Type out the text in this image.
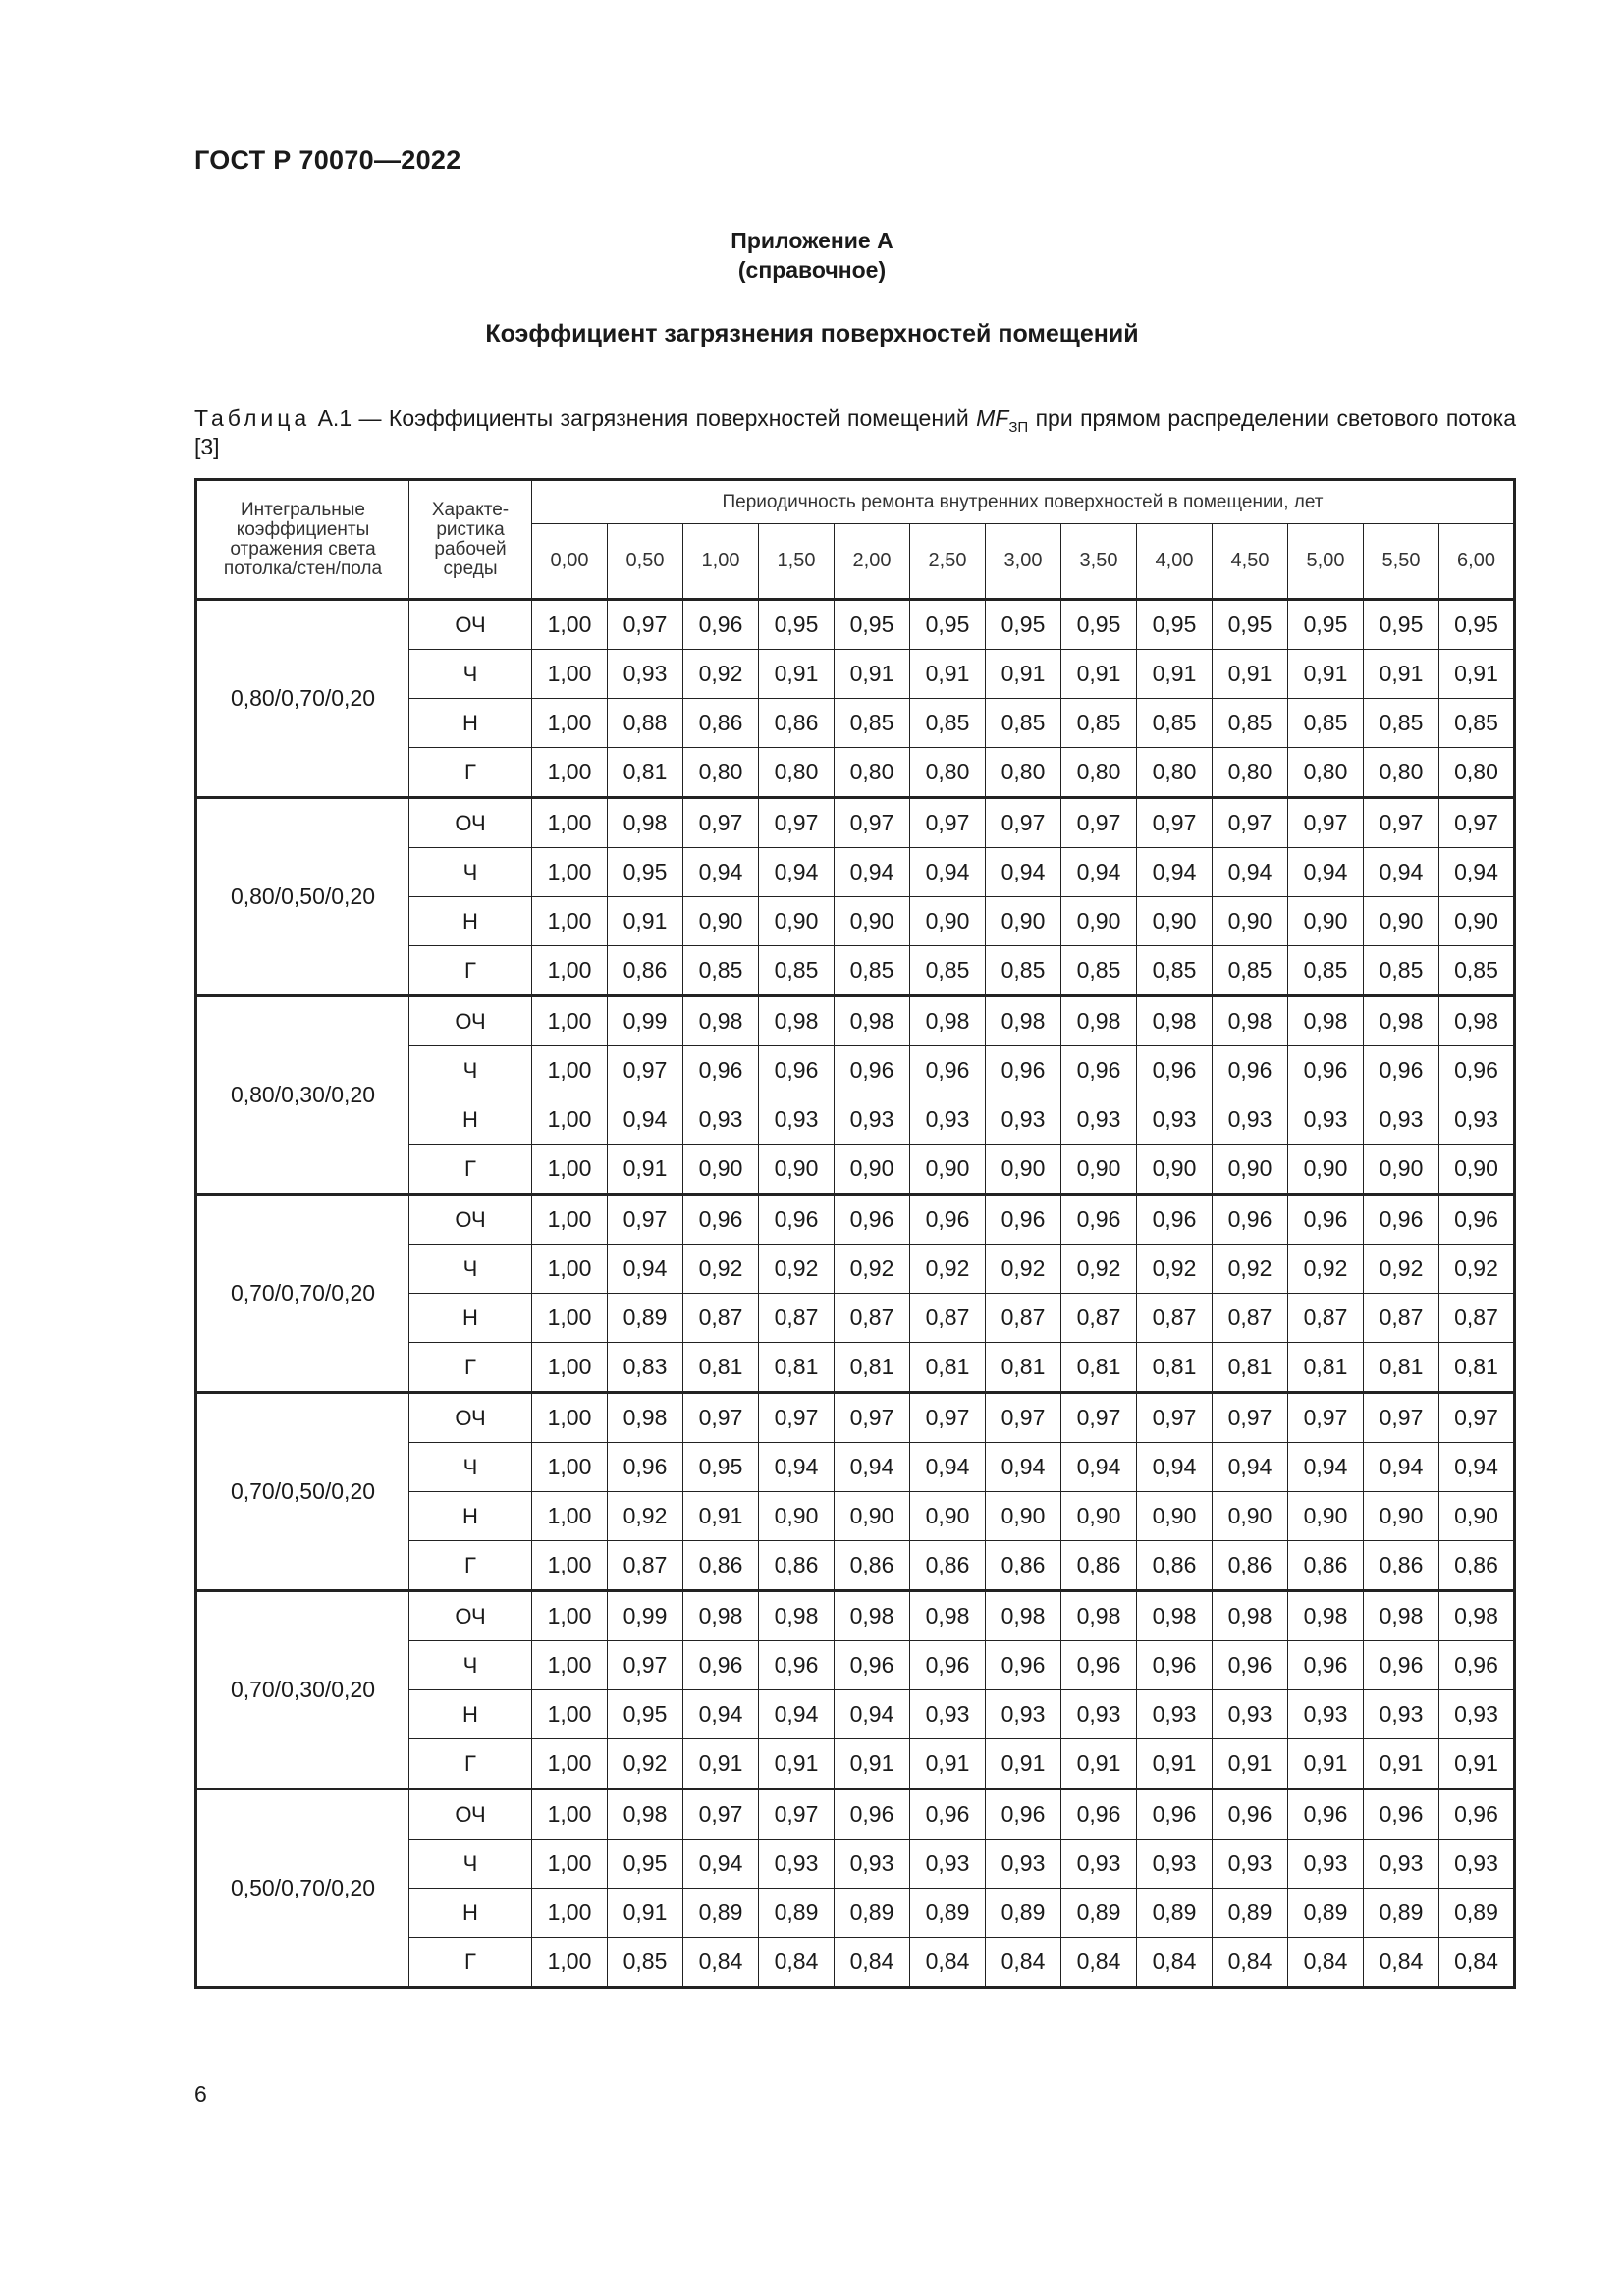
ГОСТ Р 70070—2022
Приложение А
(справочное)
Коэффициент загрязнения поверхностей помещений
Таблица А.1 — Коэффициенты загрязнения поверхностей помещений $MF_{ЗП}$ при прямом распределении светового потока [3]
Интегральные коэффициенты отражения света потолка/стен/пола	Характе-ристика рабочей среды	Периодичность ремонта внутренних поверхностей в помещении, лет												
		0,00	0,50	1,00	1,50	2,00	2,50	3,00	3,50	4,00	4,50	5,00	5,50	6,00
0,80/0,70/0,20	ОЧ	1,00	0,97	0,96	0,95	0,95	0,95	0,95	0,95	0,95	0,95	0,95	0,95	0,95
	Ч	1,00	0,93	0,92	0,91	0,91	0,91	0,91	0,91	0,91	0,91	0,91	0,91	0,91
	Н	1,00	0,88	0,86	0,86	0,85	0,85	0,85	0,85	0,85	0,85	0,85	0,85	0,85
	Г	1,00	0,81	0,80	0,80	0,80	0,80	0,80	0,80	0,80	0,80	0,80	0,80	0,80
0,80/0,50/0,20	ОЧ	1,00	0,98	0,97	0,97	0,97	0,97	0,97	0,97	0,97	0,97	0,97	0,97	0,97
	Ч	1,00	0,95	0,94	0,94	0,94	0,94	0,94	0,94	0,94	0,94	0,94	0,94	0,94
	Н	1,00	0,91	0,90	0,90	0,90	0,90	0,90	0,90	0,90	0,90	0,90	0,90	0,90
	Г	1,00	0,86	0,85	0,85	0,85	0,85	0,85	0,85	0,85	0,85	0,85	0,85	0,85
0,80/0,30/0,20	ОЧ	1,00	0,99	0,98	0,98	0,98	0,98	0,98	0,98	0,98	0,98	0,98	0,98	0,98
	Ч	1,00	0,97	0,96	0,96	0,96	0,96	0,96	0,96	0,96	0,96	0,96	0,96	0,96
	Н	1,00	0,94	0,93	0,93	0,93	0,93	0,93	0,93	0,93	0,93	0,93	0,93	0,93
	Г	1,00	0,91	0,90	0,90	0,90	0,90	0,90	0,90	0,90	0,90	0,90	0,90	0,90
0,70/0,70/0,20	ОЧ	1,00	0,97	0,96	0,96	0,96	0,96	0,96	0,96	0,96	0,96	0,96	0,96	0,96
	Ч	1,00	0,94	0,92	0,92	0,92	0,92	0,92	0,92	0,92	0,92	0,92	0,92	0,92
	Н	1,00	0,89	0,87	0,87	0,87	0,87	0,87	0,87	0,87	0,87	0,87	0,87	0,87
	Г	1,00	0,83	0,81	0,81	0,81	0,81	0,81	0,81	0,81	0,81	0,81	0,81	0,81
0,70/0,50/0,20	ОЧ	1,00	0,98	0,97	0,97	0,97	0,97	0,97	0,97	0,97	0,97	0,97	0,97	0,97
	Ч	1,00	0,96	0,95	0,94	0,94	0,94	0,94	0,94	0,94	0,94	0,94	0,94	0,94
	Н	1,00	0,92	0,91	0,90	0,90	0,90	0,90	0,90	0,90	0,90	0,90	0,90	0,90
	Г	1,00	0,87	0,86	0,86	0,86	0,86	0,86	0,86	0,86	0,86	0,86	0,86	0,86
0,70/0,30/0,20	ОЧ	1,00	0,99	0,98	0,98	0,98	0,98	0,98	0,98	0,98	0,98	0,98	0,98	0,98
	Ч	1,00	0,97	0,96	0,96	0,96	0,96	0,96	0,96	0,96	0,96	0,96	0,96	0,96
	Н	1,00	0,95	0,94	0,94	0,94	0,93	0,93	0,93	0,93	0,93	0,93	0,93	0,93
	Г	1,00	0,92	0,91	0,91	0,91	0,91	0,91	0,91	0,91	0,91	0,91	0,91	0,91
0,50/0,70/0,20	ОЧ	1,00	0,98	0,97	0,97	0,96	0,96	0,96	0,96	0,96	0,96	0,96	0,96	0,96
	Ч	1,00	0,95	0,94	0,93	0,93	0,93	0,93	0,93	0,93	0,93	0,93	0,93	0,93
	Н	1,00	0,91	0,89	0,89	0,89	0,89	0,89	0,89	0,89	0,89	0,89	0,89	0,89
	Г	1,00	0,85	0,84	0,84	0,84	0,84	0,84	0,84	0,84	0,84	0,84	0,84	0,84
6
